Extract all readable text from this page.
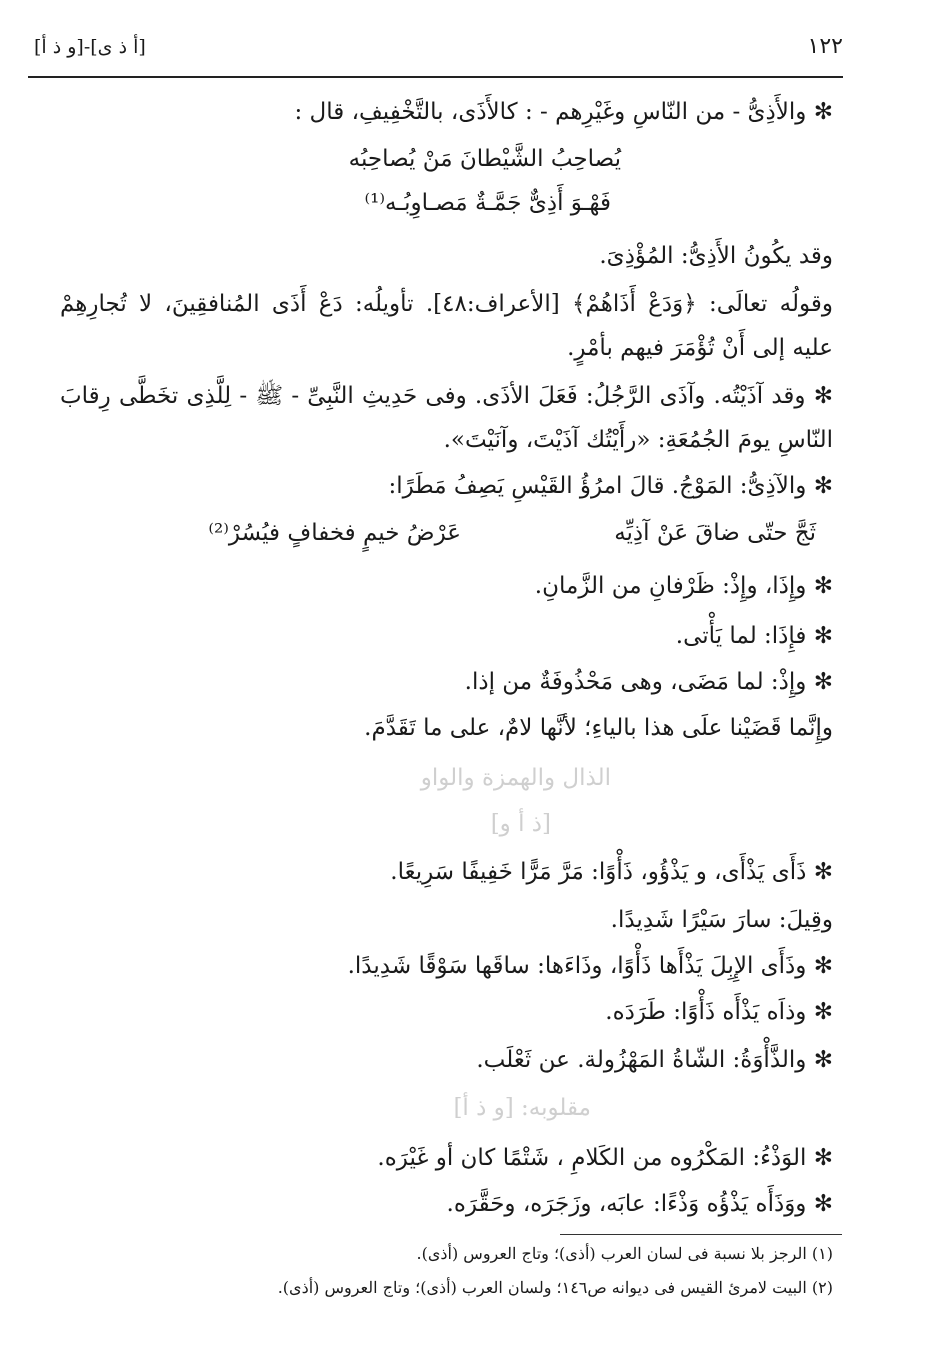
١٢٢
[أ ذ ى]-[و ذ أ]
✻ والأَذِىُّ - من النّاسِ وغَيْرِهم - : كالأَذَى، بالتَّخْفِيفِ، قال :
يُصاحِبُ الشَّيْطانَ مَنْ يُصاحِبُه
فَهْـوَ أَذِىٌّ جَمَّـةٌ مَصـاوِبُـه⁽¹⁾
وقد يكُونُ الأَذِىُّ: المُؤْذِىَ.
وقولُه تعالَى: ﴿وَدَعْ أَذَاهُمْ﴾ [الأعراف:٤٨]. تأويلُه: دَعْ أَذَى المُنافقِينَ، لا تُجارِهِمْ
عليه إلى أَنْ تُؤْمَرَ فيهم بأمْرٍ.
✻ وقد آذَيْتُه. وآذَى الرَّجُلُ: فَعَلَ الأذَى. وفى حَدِيثِ النَّبِىِّ - ﷺ - لِلَّذِى تخَطَّى رِقابَ
النّاسِ يومَ الجُمُعَةِ: «رأَيْتُك آذَيْتَ، وآنَيْتَ».
✻ والآذِىُّ: المَوْجُ. قالَ امرُؤُ القَيْسِ يَصِفُ مَطَرًا:
ثَجَّ حتّى ضاقَ عَنْ آذِيِّه
عَرْضُ خيمٍ فخفافٍ فيُسُرْ⁽²⁾
✻ وإِذَا، وإِذْ: ظَرْفانِ من الزَّمانِ.
✻ فإِذَا: لما يَأْتى.
✻ وإِذْ: لما مَضَى، وهى مَحْذُوفَةٌ من إذا.
وإِنَّما قَضَيْنا علَى هذا بالياءِ؛ لأنَّها لامٌ، على ما تَقَدَّمَ.
الذال والهمزة والواو
[ذ أ و]
✻ ذَأَى يَذْأَى، و يَذْؤُو، ذَأْوًا: مَرَّ مَرًّا خَفِيفًا سَرِيعًا.
وقِيلَ: سارَ سَيْرًا شَدِيدًا.
✻ وذَأَى الإِبِلَ يَذْأَها ذَأْوًا، وذَاءَها: ساقَها سَوْقًا شَدِيدًا.
✻ وذاَه يَذْأَه ذَأْوًا: طَرَدَه.
✻ والذَّأْوَةُ: الشّاةُ المَهْزُولة. عن ثَعْلَب.
مقلوبه: [و ذ أ]
✻ الوَذْءُ: المَكْرُوه من الكَلامِ ، شَتْمًا كان أو غَيْرَه.
✻ ووَذَأَه يَذْؤُه وَذْءًا: عابَه، وزَجَرَه، وحَقَّرَه.
(١) الرجز بلا نسبة فى لسان العرب (أذى)؛ وتاج العروس (أذى).
(٢) البيت لامرئ القيس فى ديوانه ص١٤٦؛ ولسان العرب (أذى)؛ وتاج العروس (أذى).
